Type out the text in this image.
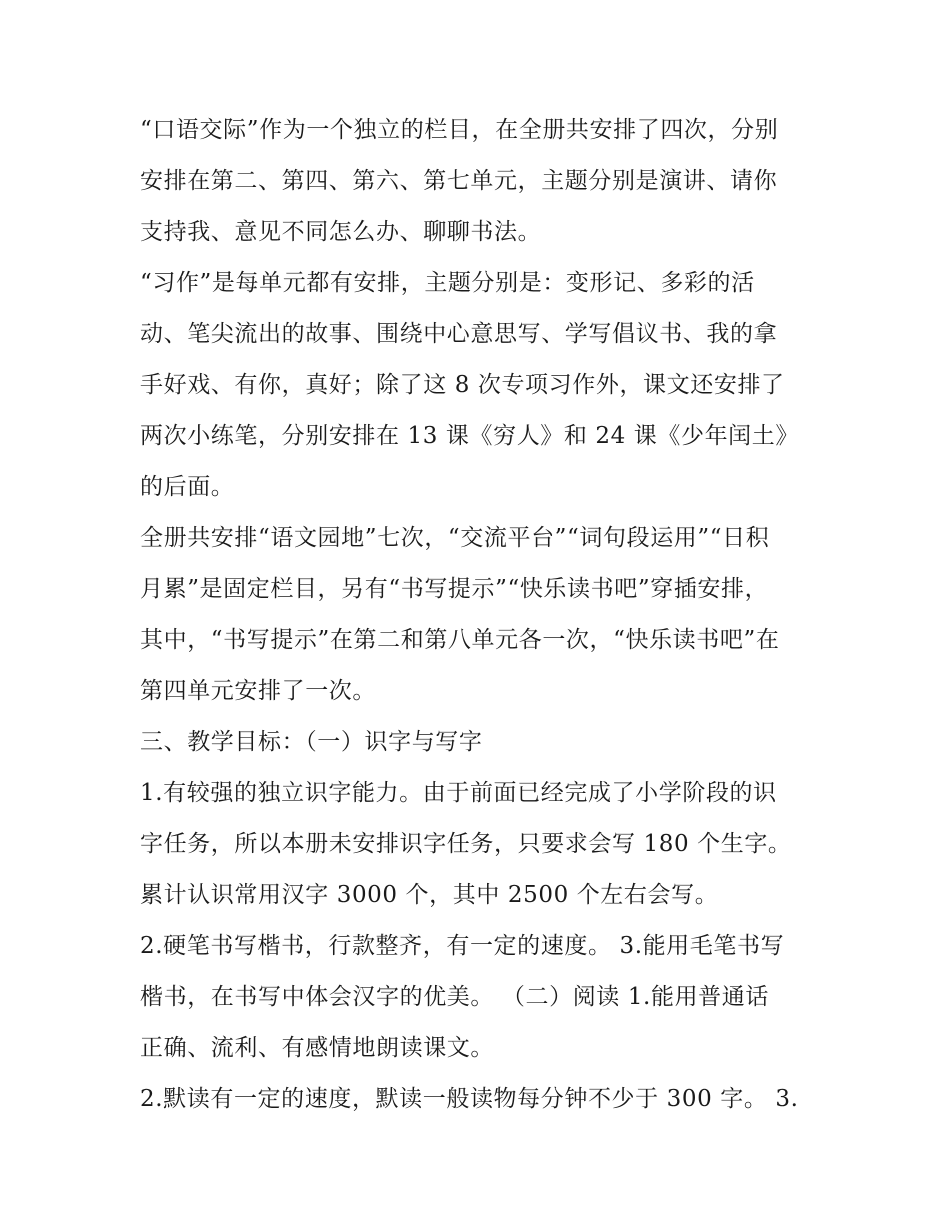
“口语交际”作为一个独立的栏目，在全册共安排了四次，分别
安排在第二、第四、第六、第七单元，主题分别是演讲、请你
支持我、意见不同怎么办、聊聊书法。
“习作”是每单元都有安排，主题分别是：变形记、多彩的活
动、笔尖流出的故事、围绕中心意思写、学写倡议书、我的拿
手好戏、有你，真好；除了这 8 次专项习作外，课文还安排了
两次小练笔，分别安排在 13 课《穷人》和 24 课《少年闰土》
的后面。
全册共安排“语文园地”七次，“交流平台”“词句段运用”“日积
月累”是固定栏目，另有“书写提示”“快乐读书吧”穿插安排，
其中，“书写提示”在第二和第八单元各一次，“快乐读书吧”在
第四单元安排了一次。
三、教学目标：（一）识字与写字
1.有较强的独立识字能力。由于前面已经完成了小学阶段的识
字任务，所以本册未安排识字任务，只要求会写 180 个生字。
累计认识常用汉字 3000 个，其中 2500 个左右会写。
2.硬笔书写楷书，行款整齐，有一定的速度。 3.能用毛笔书写
楷书，在书写中体会汉字的优美。 （二）阅读 1.能用普通话
正确、流利、有感情地朗读课文。
2.默读有一定的速度，默读一般读物每分钟不少于 300 字。 3.
